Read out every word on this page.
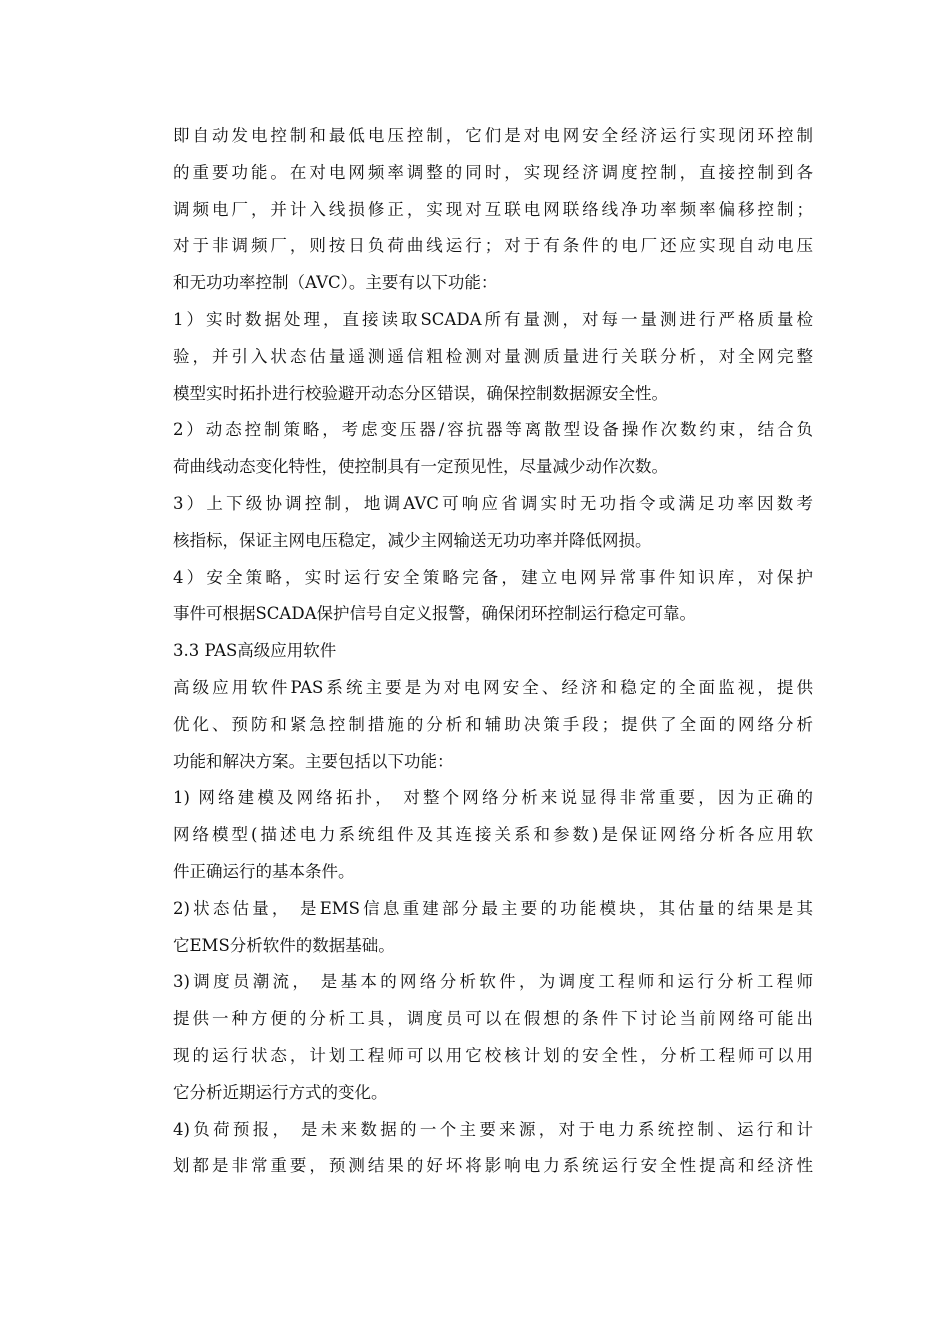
即自动发电控制和最低电压控制，它们是对电网安全经济运行实现闭环控制
的重要功能。在对电网频率调整的同时，实现经济调度控制，直接控制到各
调频电厂，并计入线损修正，实现对互联电网联络线净功率频率偏移控制；
对于非调频厂，则按日负荷曲线运行；对于有条件的电厂还应实现自动电压
和无功功率控制（AVC）。主要有以下功能：
1）实时数据处理，直接读取SCADA所有量测，对每一量测进行严格质量检
验，并引入状态估量遥测遥信粗检测对量测质量进行关联分析，对全网完整
模型实时拓扑进行校验避开动态分区错误，确保控制数据源安全性。
2）动态控制策略，考虑变压器/容抗器等离散型设备操作次数约束，结合负
荷曲线动态变化特性，使控制具有一定预见性，尽量减少动作次数。
3）上下级协调控制，地调AVC可响应省调实时无功指令或满足功率因数考
核指标，保证主网电压稳定，减少主网输送无功功率并降低网损。
4）安全策略，实时运行安全策略完备，建立电网异常事件知识库，对保护
事件可根据SCADA保护信号自定义报警，确保闭环控制运行稳定可靠。
3.3 PAS高级应用软件
高级应用软件PAS系统主要是为对电网安全、经济和稳定的全面监视，提供
优化、预防和紧急控制措施的分析和辅助决策手段；提供了全面的网络分析
功能和解决方案。主要包括以下功能：
1) 网络建模及网络拓扑， 对整个网络分析来说显得非常重要，因为正确的
网络模型(描述电力系统组件及其连接关系和参数)是保证网络分析各应用软
件正确运行的基本条件。
2)状态估量， 是EMS信息重建部分最主要的功能模块，其估量的结果是其
它EMS分析软件的数据基础。
3)调度员潮流， 是基本的网络分析软件，为调度工程师和运行分析工程师
提供一种方便的分析工具，调度员可以在假想的条件下讨论当前网络可能出
现的运行状态，计划工程师可以用它校核计划的安全性，分析工程师可以用
它分析近期运行方式的变化。
4)负荷预报， 是未来数据的一个主要来源，对于电力系统控制、运行和计
划都是非常重要，预测结果的好坏将影响电力系统运行安全性提高和经济性
